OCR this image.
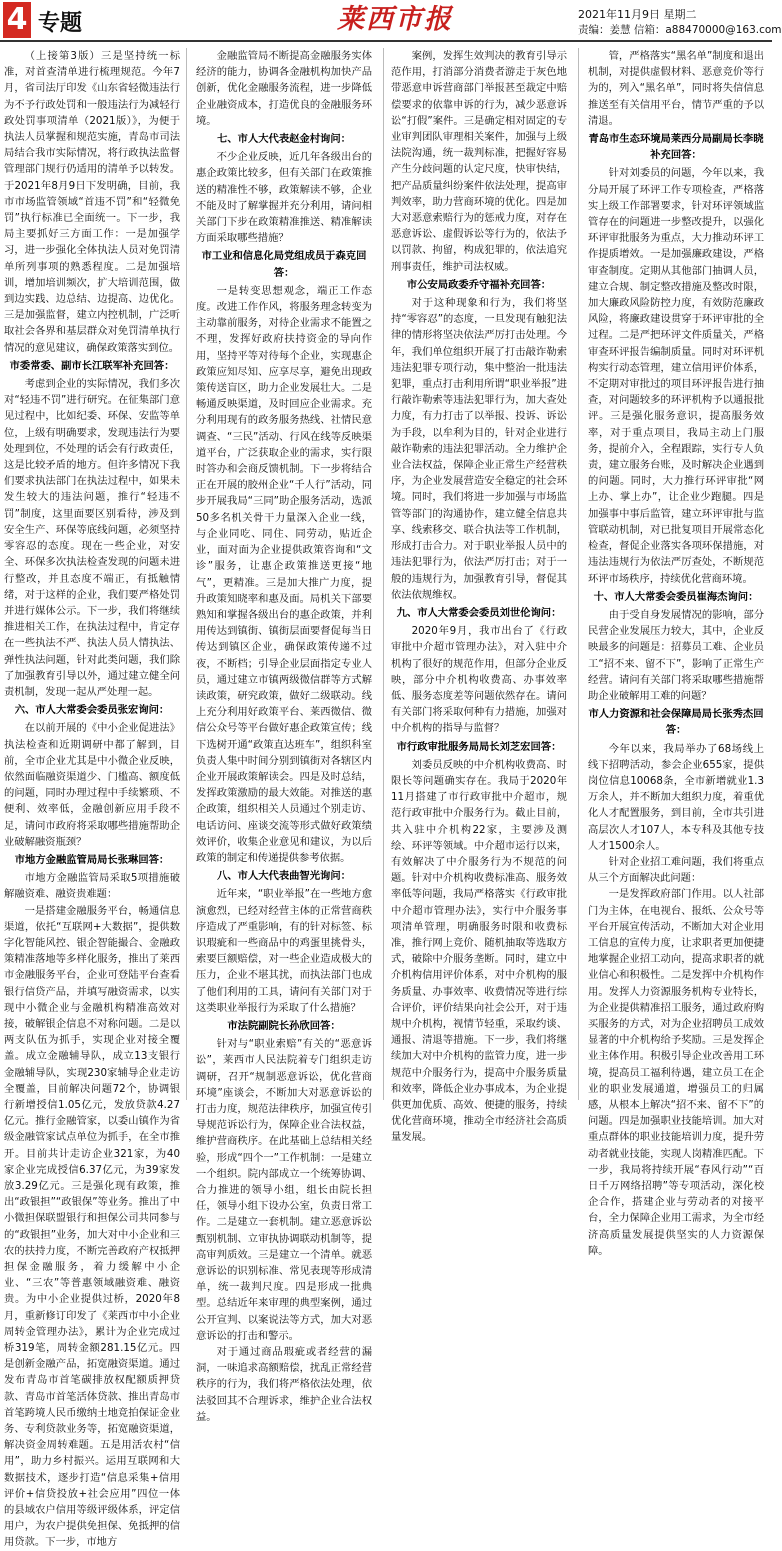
4 专题	莱西市报	2021年11月9日 星期二
责编：姜慧 信箱：a88470000@163.com

（上接第3版）三是坚持统一标准，对首查清单进行梳理规范。今年7月，省司法厅印发《山东省轻微违法行为不予行政处罚和一般违法行为减轻行政处罚事项清单（2021版）》，为便于执法人员掌握和规范实施，青岛市司法局结合我市实际情况，将行政执法监督管理部门规行仍适用的清单予以转发。于2021年8月9日下发明确，目前，我市市场监管领域“首违不罚”和“轻微免罚”执行标准已全面统一。下一步，我局主要抓好三方面工作：一是加强学习，进一步强化全体执法人员对免罚清单所列事项的熟悉程度。二是加强培训，增加培训频次，扩大培训范围，做到边实践、边总结、边提高、边优化。三是加强监督，建立内控机制，广泛听取社会各界和基层群众对免罚清单执行情况的意见建议，确保政策落实到位。

市委常委、副市长江联军补充回答：

考虑到企业的实际情况，我们多次对“轻违不罚”进行研究。在征集部门意见过程中，比如纪委、环保、安监等单位，上级有明确要求，发现违法行为要处理到位，不处理的话会有行政责任，这是比较矛盾的地方。但许多情况下我们要求执法部门在执法过程中，如果未发生较大的违法问题，推行“轻违不罚”制度，这里面要区别看待，涉及到安全生产、环保等底线问题，必须坚持零容忍的态度。现在一些企业，对安全、环保多次执法检查发现的问题未进行整改，并且态度不端正，有抵触情绪，对于这样的企业，我们要严格处罚并进行媒体公示。下一步，我们将继续推进相关工作，在执法过程中，肯定存在一些执法不严、执法人员人情执法、弹性执法问题，针对此类问题，我们除了加强教育引导以外，通过建立健全问责机制，发现一起从严处理一起。

六、市人大常委会委员张宏询问：

在以前开展的《中小企业促进法》执法检查和近期调研中都了解到，目前，全市企业尤其是中小微企业反映，依然面临融资渠道少、门槛高、额度低的问题，同时办理过程中手续繁琐、不便利、效率低，金融创新应用手段不足，请问市政府将采取哪些措施帮助企业破解融资瓶颈？

市地方金融监管局局长张琳回答：

市地方金融监管局采取5项措施破解融资难、融资贵难题：

一是搭建金融服务平台，畅通信息渠道，依托“互联网+大数据”，提供数字化智能风控、银企智能撮合、金融政策精准落地等多样化服务，推出了莱西市金融服务平台，企业可登陆平台查看银行信贷产品，并填写融资需求，以实现中小微企业与金融机构精准高效对接，破解银企信息不对称问题。二是以两支队伍为抓手，实现企业对接全覆盖。成立金融辅导队，成立13支银行金融辅导队，实现230家辅导企业走访全覆盖，目前解决问题72个，协调银行新增授信1.05亿元，发放贷款4.27亿元。推行金融管家，以委山镇作为省级金融管家试点单位为抓手，在全市推开。目前共计走访企业321家，为40家企业完成授信6.37亿元，为39家发放3.29亿元。三是强化现有政策，推出“政银担”“政银保”等业务。推出了中小微担保联盟银行和担保公司共同参与的“政银担”业务，加大对中小企业和三农的扶持力度，不断完善政府产权抵押担保金融服务，着力缓解中小企业、“三农”等普惠领域融资难、融资贵。为中小企业提供过桥，2020年8月，重新修订印发了《莱西市中小企业周转金管理办法》，累计为企业完成过桥319笔，周转金额281.15亿元。四是创新金融产品，拓宽融资渠道。通过发布青岛市首笔碳排放权配额质押贷款、青岛市首笔活体贷款、推出青岛市首笔跨境人民币缴纳土地竞拍保证金业务、专利贷款业务等，拓宽融资渠道，解决资金周转难题。五是用活农村“信用”，助力乡村振兴。运用互联网和大数据技术，逐步打造“信息采集+信用评价+信贷投放+社会应用”四位一体的县域农户信用等级评级体系，评定信用户，为农户提供免担保、免抵押的信用贷款。下一步，市地方

金融监管局不断提高金融服务实体经济的能力，协调各金融机构加快产品创新，优化金融服务流程，进一步降低企业融资成本，打造优良的金融服务环境。

七、市人大代表赵金村询问：

不少企业反映，近几年各级出台的惠企政策比较多，但有关部门在政策推送的精准性不够，政策解读不够，企业不能及时了解掌握并充分利用，请问相关部门下步在政策精准推送、精准解读方面采取哪些措施？

市工业和信息化局党组成员于森克回答：

一是转变思想观念，端正工作态度。改进工作作风，将服务理念转变为主动靠前服务，对待企业需求不能置之不理，发挥好政府扶持资金的导向作用，坚持平等对待每个企业，实现惠企政策应知尽知、应享尽享，避免出现政策传送盲区，助力企业发展壮大。二是畅通反映渠道，及时回应企业需求。充分利用现有的政务服务热线、社情民意调查、“三民”活动、行风在线等反映渠道平台，广泛获取企业的需求，实行限时答办和会商反馈机制。下一步将结合正在开展的胶州企业“千人行”活动，同步开展我局“三同”助企服务活动，选派50多名机关骨干力量深入企业一线，与企业同吃、同住、同劳动，贴近企业，面对面为企业提供政策咨询和“文诊”服务，让惠企政策推送更接“地气”，更精准。三是加大推广力度，提升政策知晓率和惠及面。局机关下部要熟知和掌握各级出台的惠企政策，并利用传达到镇街、镇街层面要督促每当日传达到镇区企业，确保政策传递不过夜，不断档；引导企业层面指定专业人员，通过建立市镇两级微信群等方式解读政策，研究政策，做好二级联动。线上充分利用好政策平台、莱西微信、微信公众号等平台做好惠企政策宣传；线下选树开通“政策直达班车”，组织科室负责人集中时间分别到镇街对各辖区内企业开展政策解读会。四是及时总结，发挥政策激励的最大效能。对推送的惠企政策，组织相关人员通过个别走访、电话访问、座谈交流等形式做好政策绩效评价，收集企业意见和建议，为以后政策的制定和传递提供参考依据。

八、市人大代表曲智光询问：

近年来，“职业举报”在一些地方愈演愈烈，已经对经营主体的正常营商秩序造成了严重影响，有的针对标签、标识瑕疵和一些商品中的鸡蛋里挑骨头，索要巨额赔偿，对一些企业造成极大的压力，企业不堪其扰，而执法部门也成了他们利用的工具，请问有关部门对于这类职业举报行为采取了什么措施？

市法院副院长孙欣回答：

针对与“职业索赔”有关的“恶意诉讼”，莱西市人民法院着专门组织走访调研，召开“规制恶意诉讼，优化营商环境”座谈会，不断加大对恶意诉讼的打击力度，规范法律秩序，加强宣传引导规范诉讼行为，保障企业合法权益，维护营商秩序。在此基础上总结相关经验，形成“四个一”工作机制：一是建立一个组织。院内部成立一个统筹协调、合力推进的领导小组，组长由院长担任，领导小组下设办公室，负责日常工作。二是建立一套机制。建立恶意诉讼甄别机制、立审执协调联动机制等，提高审判质效。三是建立一个清单。就恶意诉讼的识别标准、常见表现等形成清单，统一裁判尺度。四是形成一批典型。总结近年来审理的典型案例，通过公开宣判、以案说法等方式，加大对恶意诉讼的打击和警示。

对于通过商品瑕疵或者经营的漏洞，一味追求高额赔偿，扰乱正常经营秩序的行为，我们将严格依法处理，依法驳回其不合理诉求，维护企业合法权益。

案例，发挥生效判决的教育引导示范作用，打消部分消费者游走于灰色地带恶意申诉营商部门举报甚至裁定中赔偿要求的依靠申诉的行为，减少恶意诉讼“打假”案件。三是确定相对固定的专业审判团队审理相关案件，加强与上级法院沟通，统一裁判标准，把握好容易产生分歧问题的认定尺度，快审快结，把产品质量纠纷案件依法处理，提高审判效率，助力营商环境的优化。四是加大对恶意索赔行为的惩戒力度，对存在恶意诉讼、虚假诉讼等行为的，依法予以罚款、拘留，构成犯罪的，依法追究刑事责任，维护司法权威。

市公安局政委乔守福补充回答：

对于这种现象和行为，我们将坚持“零容忍”的态度，一旦发现有触犯法律的情形将坚决依法严厉打击处理。今年，我们单位组织开展了打击敲诈勒索违法犯罪专项行动，集中整治一批违法犯罪，重点打击利用所谓“职业举报”进行敲诈勒索等违法犯罪行为，加大查处力度，有力打击了以举报、投诉、诉讼为手段，以牟利为目的，针对企业进行敲诈勒索的违法犯罪活动。全力维护企业合法权益，保障企业正常生产经营秩序，为企业发展营造安全稳定的社会环境。同时，我们将进一步加强与市场监管等部门的沟通协作，建立健全信息共享、线索移交、联合执法等工作机制，形成打击合力。对于职业举报人员中的违法犯罪行为，依法严厉打击；对于一般的违规行为，加强教育引导，督促其依法依规维权。

九、市人大常委会委员刘世伦询问：

2020年9月，我市出台了《行政审批中介超市管理办法》，对入驻中介机构了很好的规范作用，但部分企业反映，部分中介机构收费高、办事效率低、服务态度差等问题依然存在。请问有关部门将采取何种有力措施，加强对中介机构的指导与监督？

市行政审批服务局局长刘芝宏回答：

刘委员反映的中介机构收费高、时限长等问题确实存在。我局于2020年11月搭建了市行政审批中介超市，规范行政审批中介服务行为。截止目前，共入驻中介机构22家，主要涉及测绘、环评等领域。中介超市运行以来，有效解决了中介服务行为不规范的问题。针对中介机构收费标准高、服务效率低等问题，我局严格落实《行政审批中介超市管理办法》，实行中介服务事项清单管理，明确服务时限和收费标准，推行网上竞价、随机抽取等选取方式，破除中介服务垄断。同时，建立中介机构信用评价体系，对中介机构的服务质量、办事效率、收费情况等进行综合评价，评价结果向社会公开，对于违规中介机构，视情节轻重，采取约谈、通报、清退等措施。下一步，我们将继续加大对中介机构的监管力度，进一步规范中介服务行为，提高中介服务质量和效率，降低企业办事成本，为企业提供更加优质、高效、便捷的服务，持续优化营商环境，推动全市经济社会高质量发展。

管，严格落实“黑名单”制度和退出机制，对提供虚假材料、恶意竞价等行为的，列入“黑名单”，同时将失信信息推送至有关信用平台，情节严重的予以清退。

青岛市生态环境局莱西分局副局长李晓补充回答：

针对刘委员的问题，今年以来，我分局开展了环评工作专项检查，严格落实上级工作部署要求，针对环评领域监管存在的问题进一步整改提升，以强化环评审批服务为重点，大力推动环评工作提质增效。一是加强廉政建设，严格审查制度。定期从其他部门抽调人员，建立合规、制定整改措施及整改时限，加大廉政风险防控力度，有效防范廉政风险，将廉政建设贯穿于环评审批的全过程。二是严把环评文件质量关，严格审查环评报告编制质量。同时对环评机构实行动态管理，建立信用评价体系，不定期对审批过的项目环评报告进行抽查，对问题较多的环评机构予以通报批评。三是强化服务意识，提高服务效率，对于重点项目，我局主动上门服务，提前介入，全程跟踪，实行专人负责，建立服务台账，及时解决企业遇到的问题。同时，大力推行环评审批“网上办、掌上办”，让企业少跑腿。四是加强事中事后监管，建立环评审批与监管联动机制，对已批复项目开展常态化检查，督促企业落实各项环保措施，对违法违规行为依法严厉查处，不断规范环评市场秩序，持续优化营商环境。

十、市人大常委会委员崔海杰询问：

由于受自身发展情况的影响，部分民营企业发展压力较大，其中，企业反映最多的问题是：招募员工难、企业员工“招不来、留不下”，影响了正常生产经营。请问有关部门将采取哪些措施帮助企业破解用工难的问题？

市人力资源和社会保障局局长张秀杰回答：

今年以来，我局举办了68场线上线下招聘活动，参会企业655家，提供岗位信息10068条，全市新增就业1.3万余人，并不断加大组织力度，着重优化人才配置服务，到目前，全市共引进高层次人才107人，本专科及其他专技人才1500余人。

针对企业招工难问题，我们将重点从三个方面解决此问题：

一是发挥政府部门作用。以人社部门为主体，在电视台、报纸、公众号等平台开展宣传活动，不断加大对企业用工信息的宣传力度，让求职者更加便捷地掌握企业招工动向，提高求职者的就业信心和积极性。二是发挥中介机构作用。发挥人力资源服务机构专业特长，为企业提供精准招工服务，通过政府购买服务的方式，对为企业招聘员工成效显著的中介机构给予奖励。三是发挥企业主体作用。积极引导企业改善用工环境，提高员工福利待遇，建立员工在企业的职业发展通道，增强员工的归属感，从根本上解决“招不来、留不下”的问题。四是加强职业技能培训。加大对重点群体的职业技能培训力度，提升劳动者就业技能，实现人岗精准匹配。下一步，我局将持续开展“春风行动”“百日千万网络招聘”等专项活动，深化校企合作，搭建企业与劳动者的对接平台，全力保障企业用工需求，为全市经济高质量发展提供坚实的人力资源保障。
